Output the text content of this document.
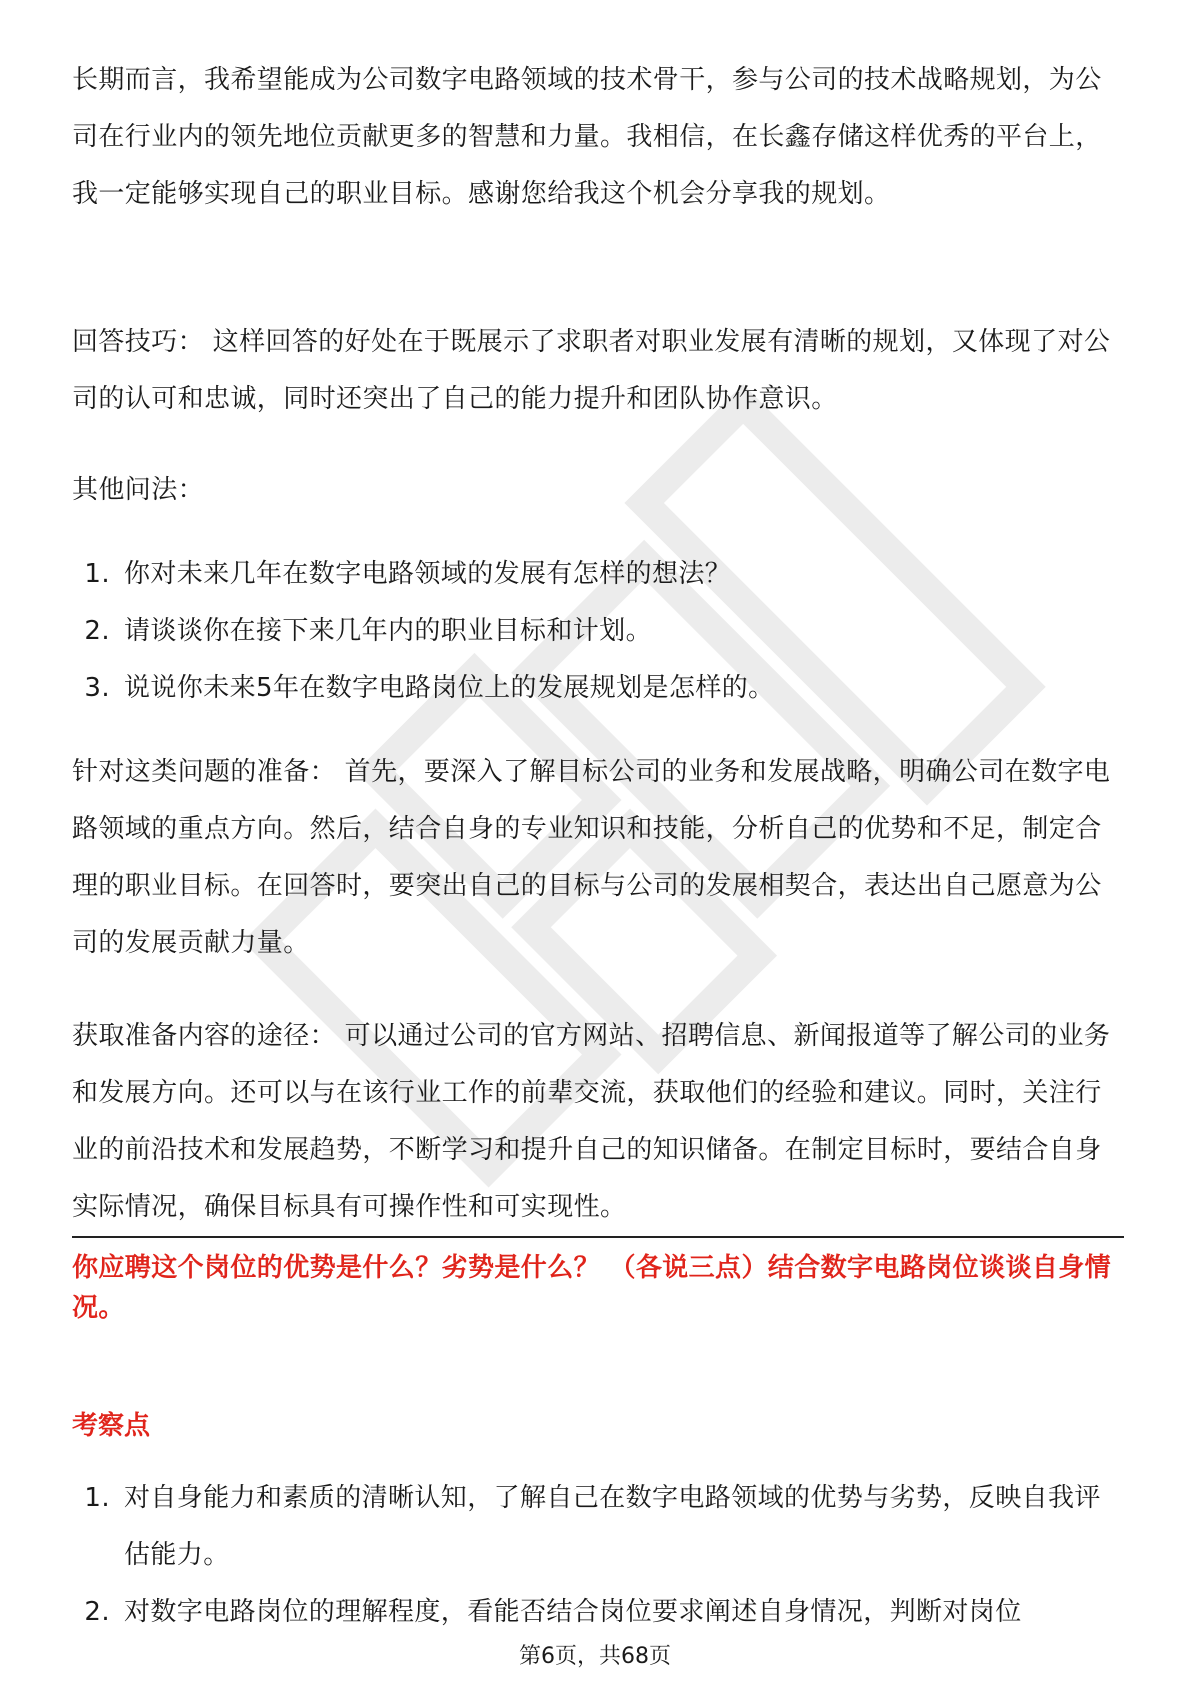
长期而言，我希望能成为公司数字电路领域的技术骨干，参与公司的技术战略规划，为公司在行业内的领先地位贡献更多的智慧和力量。我相信，在长鑫存储这样优秀的平台上，我一定能够实现自己的职业目标。感谢您给我这个机会分享我的规划。

回答技巧： 这样回答的好处在于既展示了求职者对职业发展有清晰的规划，又体现了对公司的认可和忠诚，同时还突出了自己的能力提升和团队协作意识。

其他问法：

1. 你对未来几年在数字电路领域的发展有怎样的想法？
2. 请谈谈你在接下来几年内的职业目标和计划。
3. 说说你未来5年在数字电路岗位上的发展规划是怎样的。

针对这类问题的准备： 首先，要深入了解目标公司的业务和发展战略，明确公司在数字电路领域的重点方向。然后，结合自身的专业知识和技能，分析自己的优势和不足，制定合理的职业目标。在回答时，要突出自己的目标与公司的发展相契合，表达出自己愿意为公司的发展贡献力量。

获取准备内容的途径： 可以通过公司的官方网站、招聘信息、新闻报道等了解公司的业务和发展方向。还可以与在该行业工作的前辈交流，获取他们的经验和建议。同时，关注行业的前沿技术和发展趋势，不断学习和提升自己的知识储备。在制定目标时，要结合自身实际情况，确保目标具有可操作性和可实现性。

你应聘这个岗位的优势是什么？劣势是什么？ （各说三点）结合数字电路岗位谈谈自身情况。
考察点
1. 对自身能力和素质的清晰认知，了解自己在数字电路领域的优势与劣势，反映自我评估能力。
2. 对数字电路岗位的理解程度，看能否结合岗位要求阐述自身情况，判断对岗位
第6页，共68页
